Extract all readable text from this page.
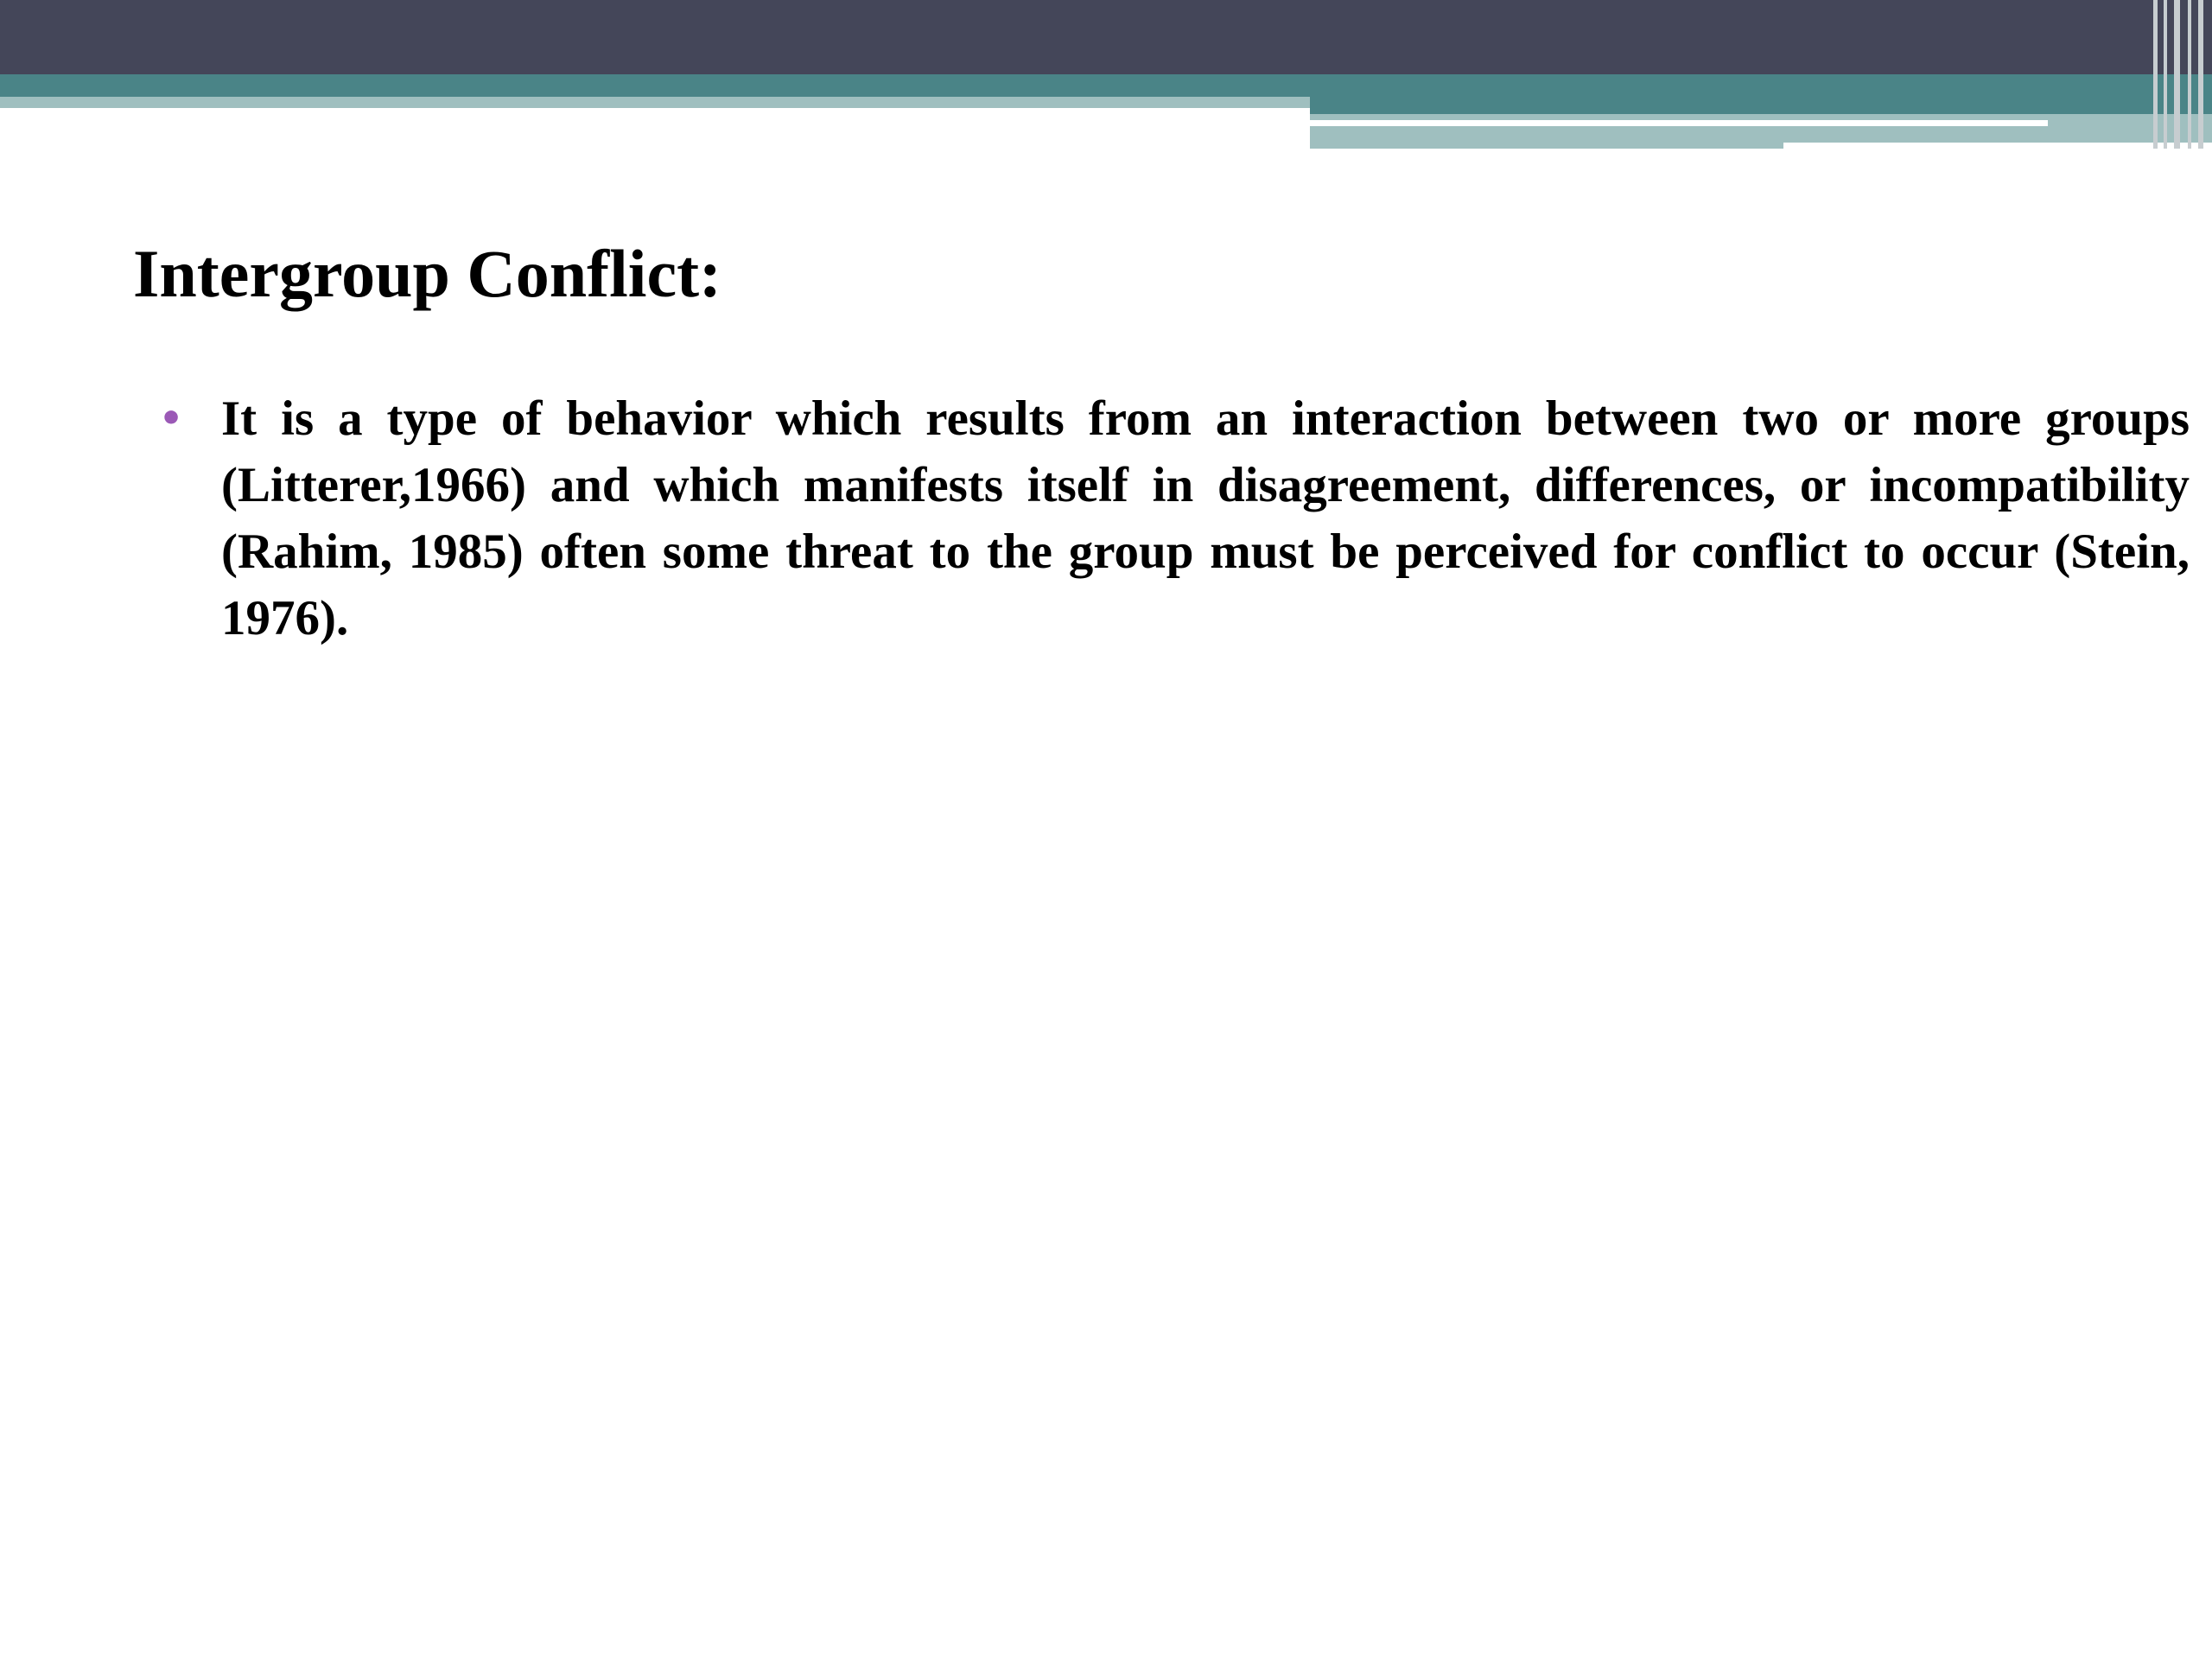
Intergroup Conflict:
• It is a type of behavior which results from an interaction between two or more groups (Litterer,1966) and which manifests itself in disagreement, differences, or incompatibility (Rahim, 1985) often some threat to the group must be perceived for conflict to occur (Stein, 1976).
